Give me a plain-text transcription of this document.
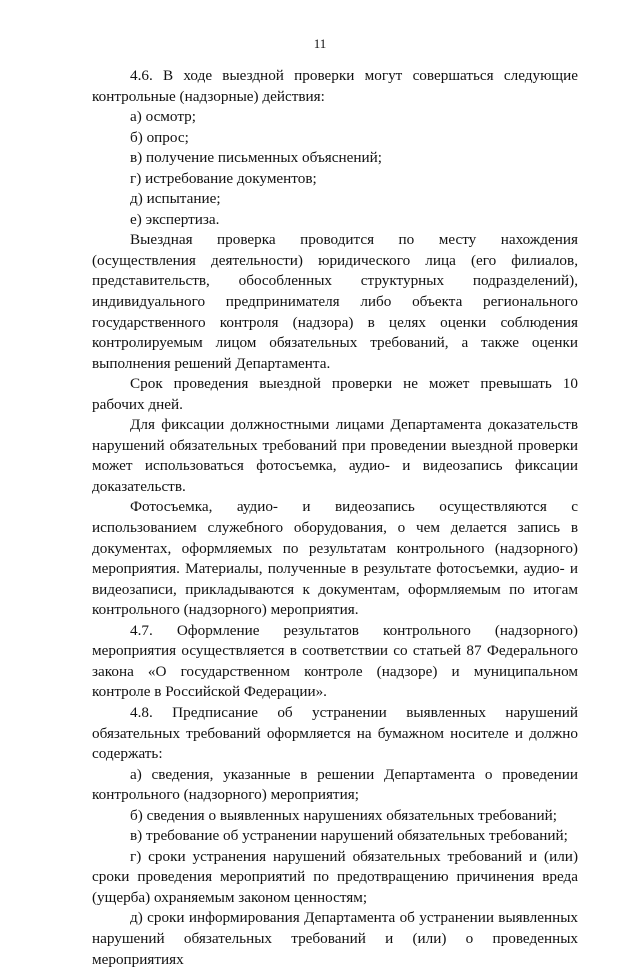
11

4.6. В ходе выездной проверки могут совершаться следующие контрольные (надзорные) действия:

а) осмотр;

б) опрос;

в) получение письменных объяснений;

г) истребование документов;

д) испытание;

е) экспертиза.

Выездная проверка проводится по месту нахождения (осуществления деятельности) юридического лица (его филиалов, представительств, обособленных структурных подразделений), индивидуального предпринимателя либо объекта регионального государственного контроля (надзора) в целях оценки соблюдения контролируемым лицом обязательных требований, а также оценки выполнения решений Департамента.

Срок проведения выездной проверки не может превышать 10 рабочих дней.

Для фиксации должностными лицами Департамента доказательств нарушений обязательных требований при проведении выездной проверки может использоваться фотосъемка, аудио- и видеозапись фиксации доказательств.

Фотосъемка, аудио- и видеозапись осуществляются с использованием служебного оборудования, о чем делается запись в документах, оформляемых по результатам контрольного (надзорного) мероприятия. Материалы, полученные в результате фотосъемки, аудио- и видеозаписи, прикладываются к документам, оформляемым по итогам контрольного (надзорного) мероприятия.

4.7. Оформление результатов контрольного (надзорного) мероприятия осуществляется в соответствии со статьей 87 Федерального закона «О государственном контроле (надзоре) и муниципальном контроле в Российской Федерации».

4.8. Предписание об устранении выявленных нарушений обязательных требований оформляется на бумажном носителе и должно содержать:

а) сведения, указанные в решении Департамента о проведении контрольного (надзорного) мероприятия;

б) сведения о выявленных нарушениях обязательных требований;

в) требование об устранении нарушений обязательных требований;

г) сроки устранения нарушений обязательных требований и (или) сроки проведения мероприятий по предотвращению причинения вреда (ущерба) охраняемым законом ценностям;

д) сроки информирования Департамента об устранении выявленных нарушений обязательных требований и (или) о проведенных мероприятиях
